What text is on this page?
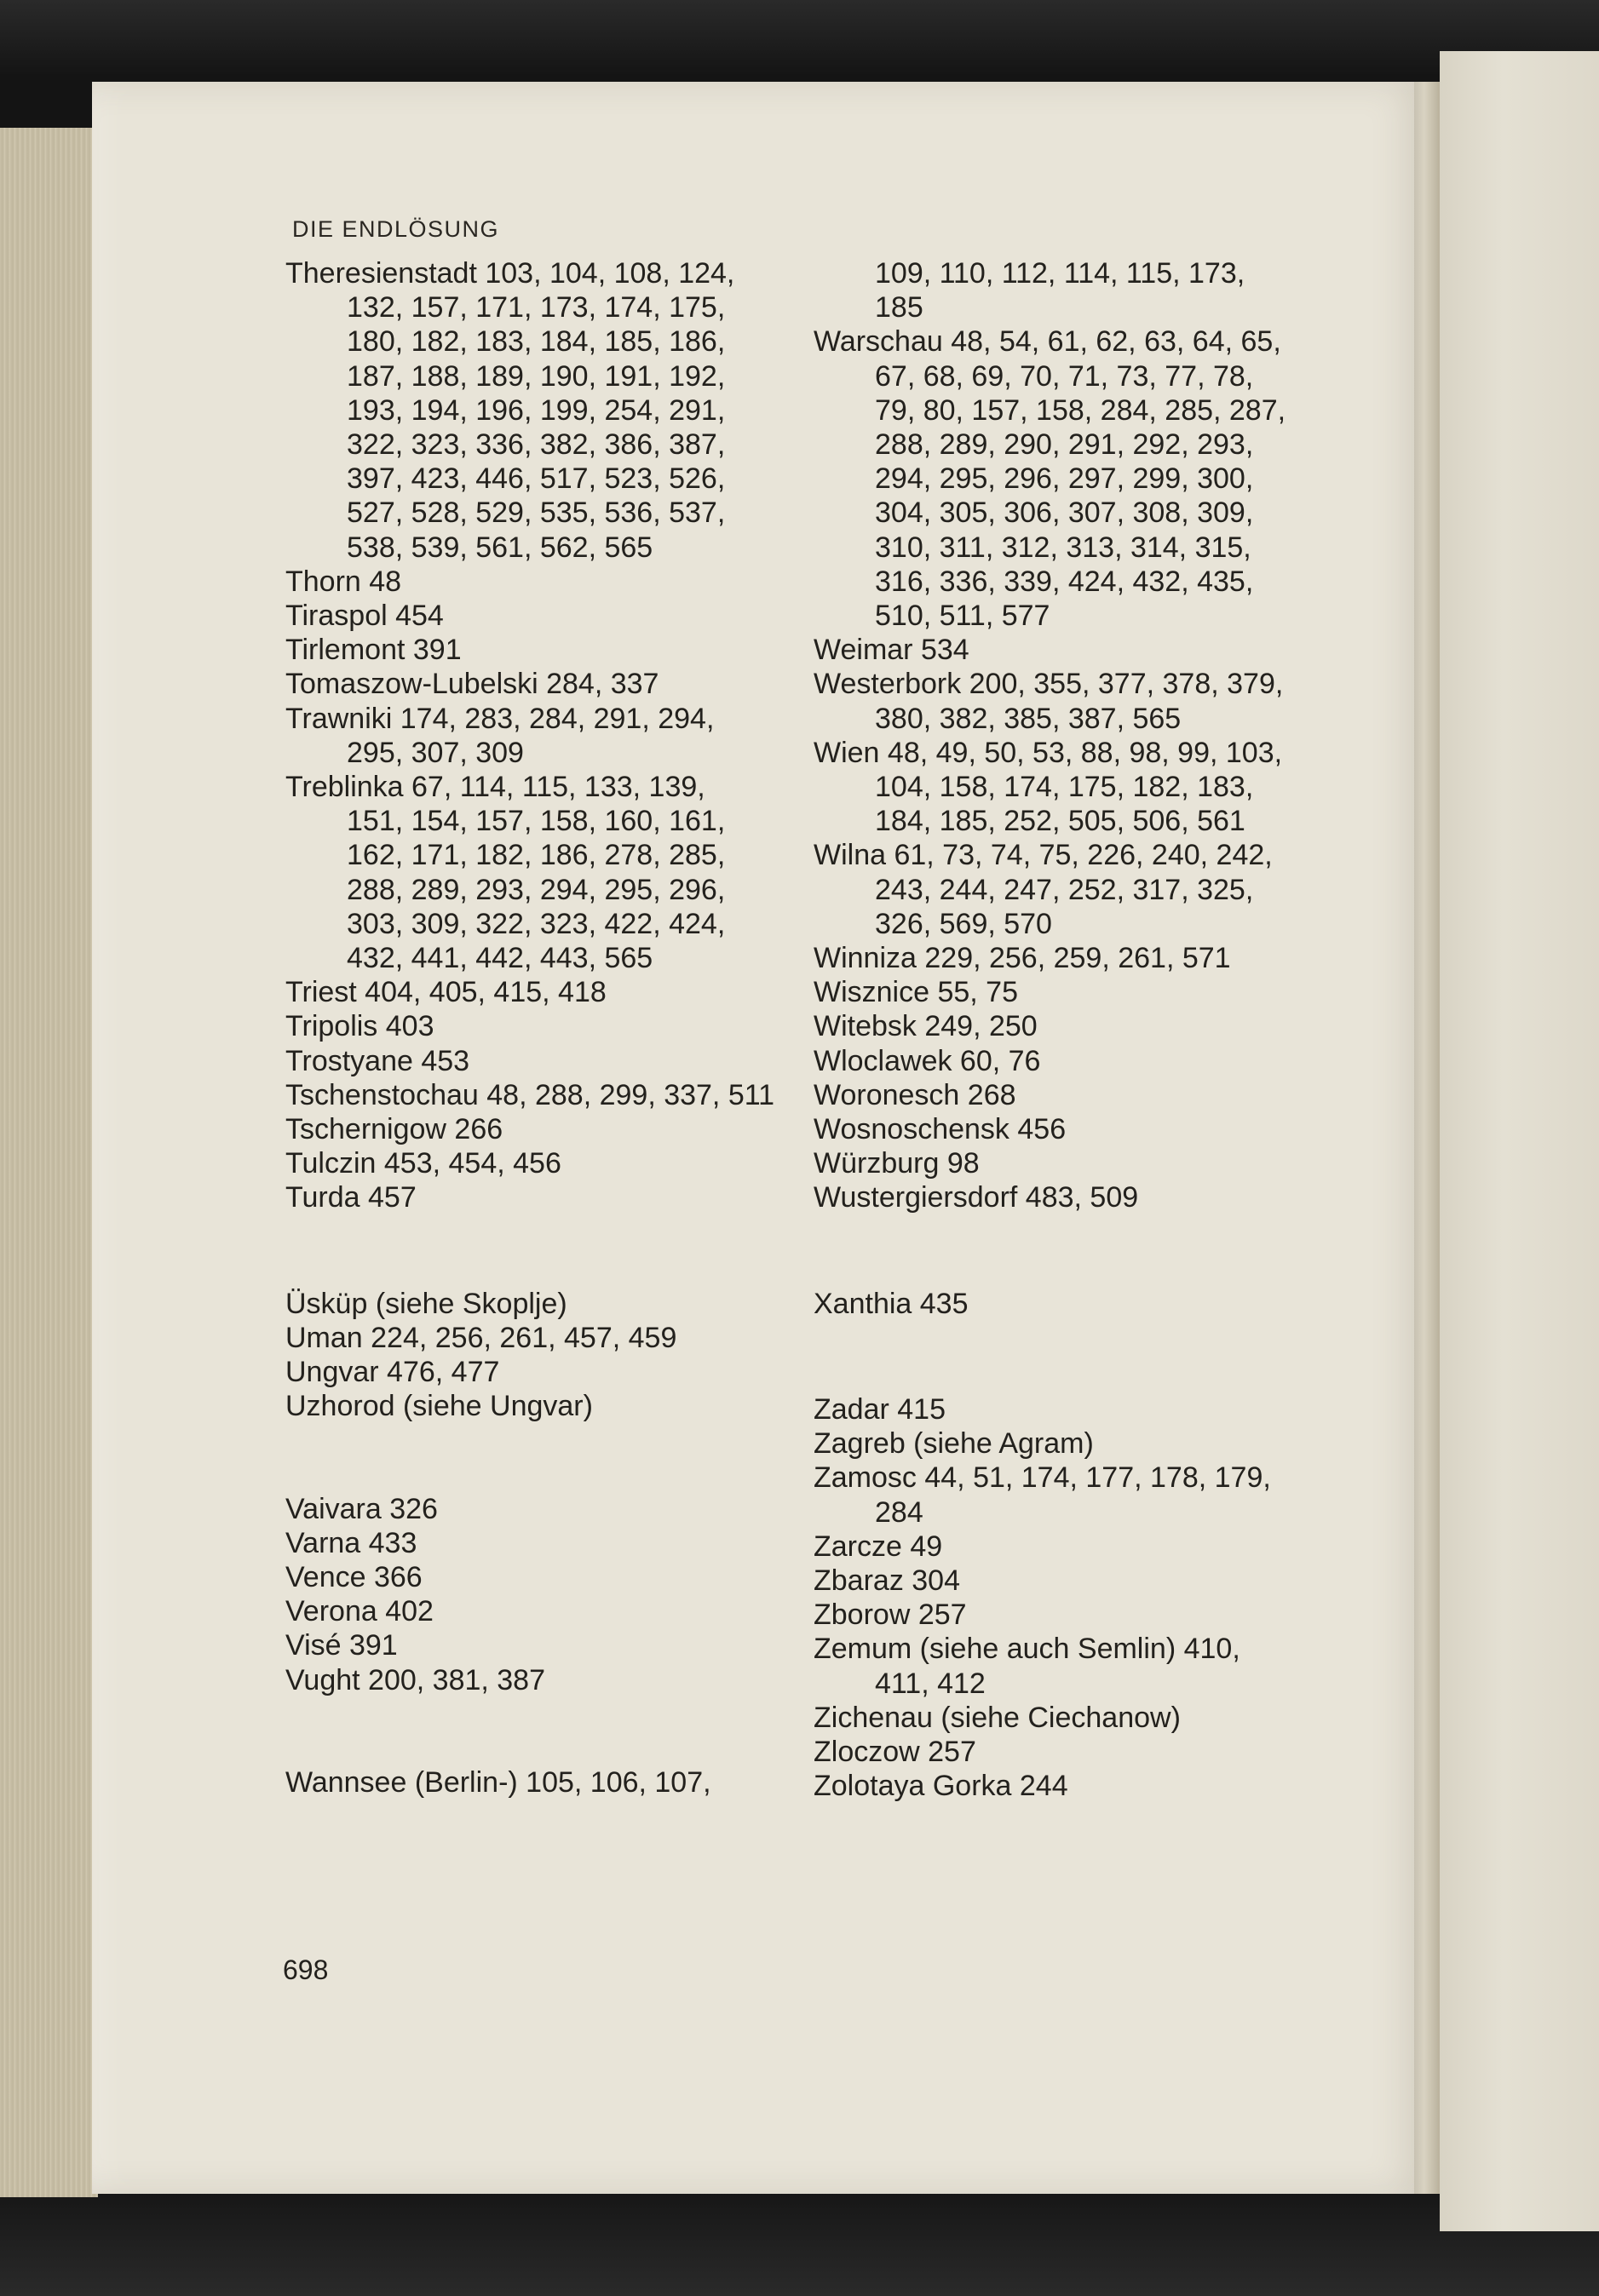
DIE ENDLÖSUNG
Theresienstadt 103, 104, 108, 124,
132, 157, 171, 173, 174, 175,
180, 182, 183, 184, 185, 186,
187, 188, 189, 190, 191, 192,
193, 194, 196, 199, 254, 291,
322, 323, 336, 382, 386, 387,
397, 423, 446, 517, 523, 526,
527, 528, 529, 535, 536, 537,
538, 539, 561, 562, 565
Thorn 48
Tiraspol 454
Tirlemont 391
Tomaszow-Lubelski 284, 337
Trawniki 174, 283, 284, 291, 294,
295, 307, 309
Treblinka 67, 114, 115, 133, 139,
151, 154, 157, 158, 160, 161,
162, 171, 182, 186, 278, 285,
288, 289, 293, 294, 295, 296,
303, 309, 322, 323, 422, 424,
432, 441, 442, 443, 565
Triest 404, 405, 415, 418
Tripolis 403
Trostyane 453
Tschenstochau 48, 288, 299, 337, 511
Tschernigow 266
Tulczin 453, 454, 456
Turda 457
Üsküp (siehe Skoplje)
Uman 224, 256, 261, 457, 459
Ungvar 476, 477
Uzhorod (siehe Ungvar)
Vaivara 326
Varna 433
Vence 366
Verona 402
Visé 391
Vught 200, 381, 387
Wannsee (Berlin-) 105, 106, 107,
109, 110, 112, 114, 115, 173,
185
Warschau 48, 54, 61, 62, 63, 64, 65,
67, 68, 69, 70, 71, 73, 77, 78,
79, 80, 157, 158, 284, 285, 287,
288, 289, 290, 291, 292, 293,
294, 295, 296, 297, 299, 300,
304, 305, 306, 307, 308, 309,
310, 311, 312, 313, 314, 315,
316, 336, 339, 424, 432, 435,
510, 511, 577
Weimar 534
Westerbork 200, 355, 377, 378, 379,
380, 382, 385, 387, 565
Wien 48, 49, 50, 53, 88, 98, 99, 103,
104, 158, 174, 175, 182, 183,
184, 185, 252, 505, 506, 561
Wilna 61, 73, 74, 75, 226, 240, 242,
243, 244, 247, 252, 317, 325,
326, 569, 570
Winniza 229, 256, 259, 261, 571
Wisznice 55, 75
Witebsk 249, 250
Wloclawek 60, 76
Woronesch 268
Wosnoschensk 456
Würzburg 98
Wustergiersdorf 483, 509
Xanthia 435
Zadar 415
Zagreb (siehe Agram)
Zamosc 44, 51, 174, 177, 178, 179,
284
Zarcze 49
Zbaraz 304
Zborow 257
Zemum (siehe auch Semlin) 410,
411, 412
Zichenau (siehe Ciechanow)
Zloczow 257
Zolotaya Gorka 244
698
